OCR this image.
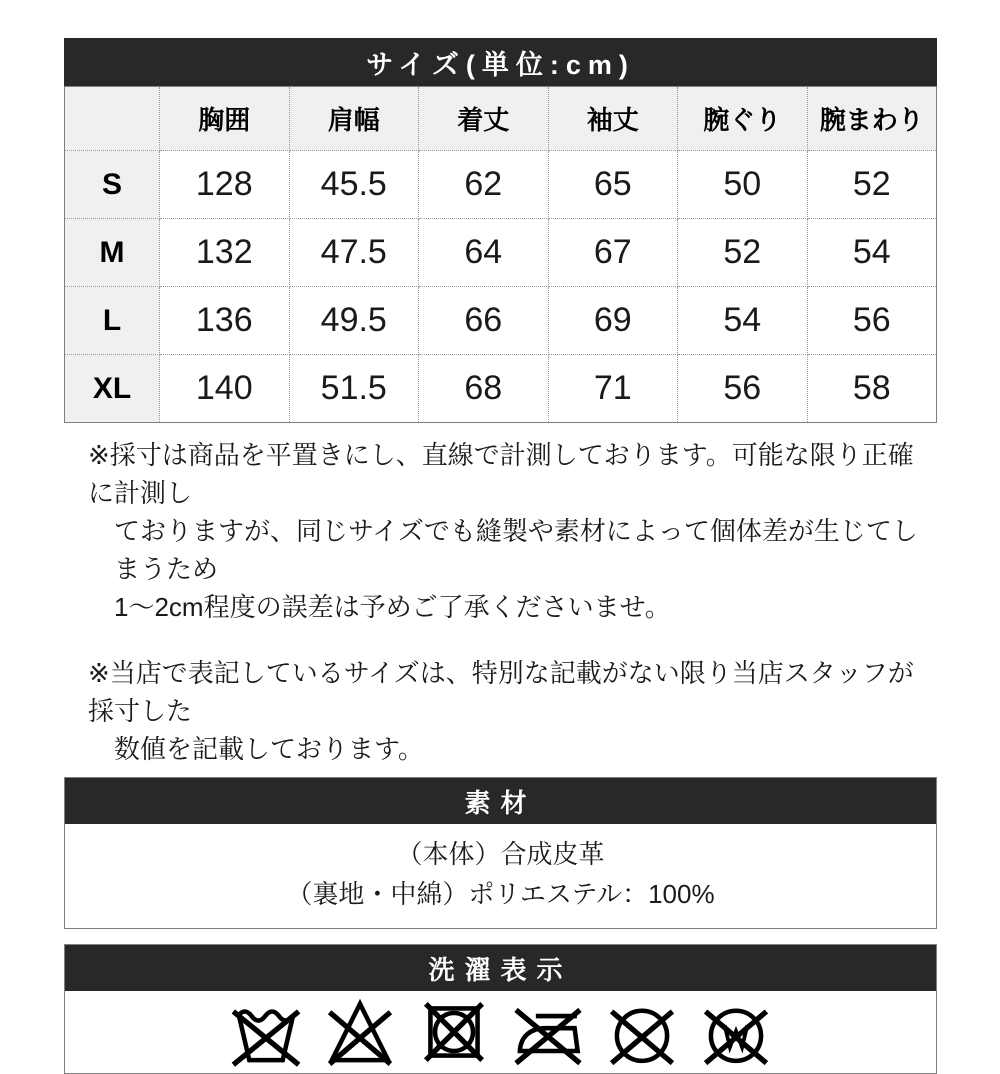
サイズ(単位:cm)
	胸囲	肩幅	着丈	袖丈	腕ぐり	腕まわり
S	128	45.5	62	65	50	52
M	132	47.5	64	67	52	54
L	136	49.5	66	69	54	56
XL	140	51.5	68	71	56	58
※採寸は商品を平置きにし、直線で計測しております。可能な限り正確に計測し
ておりますが、同じサイズでも縫製や素材によって個体差が生じてしまうため
1～2cm程度の誤差は予めご了承くださいませ。
※当店で表記しているサイズは、特別な記載がない限り当店スタッフが採寸した
数値を記載しております。
素材
（本体）合成皮革
（裏地・中綿）ポリエステル：100%
洗濯表示
